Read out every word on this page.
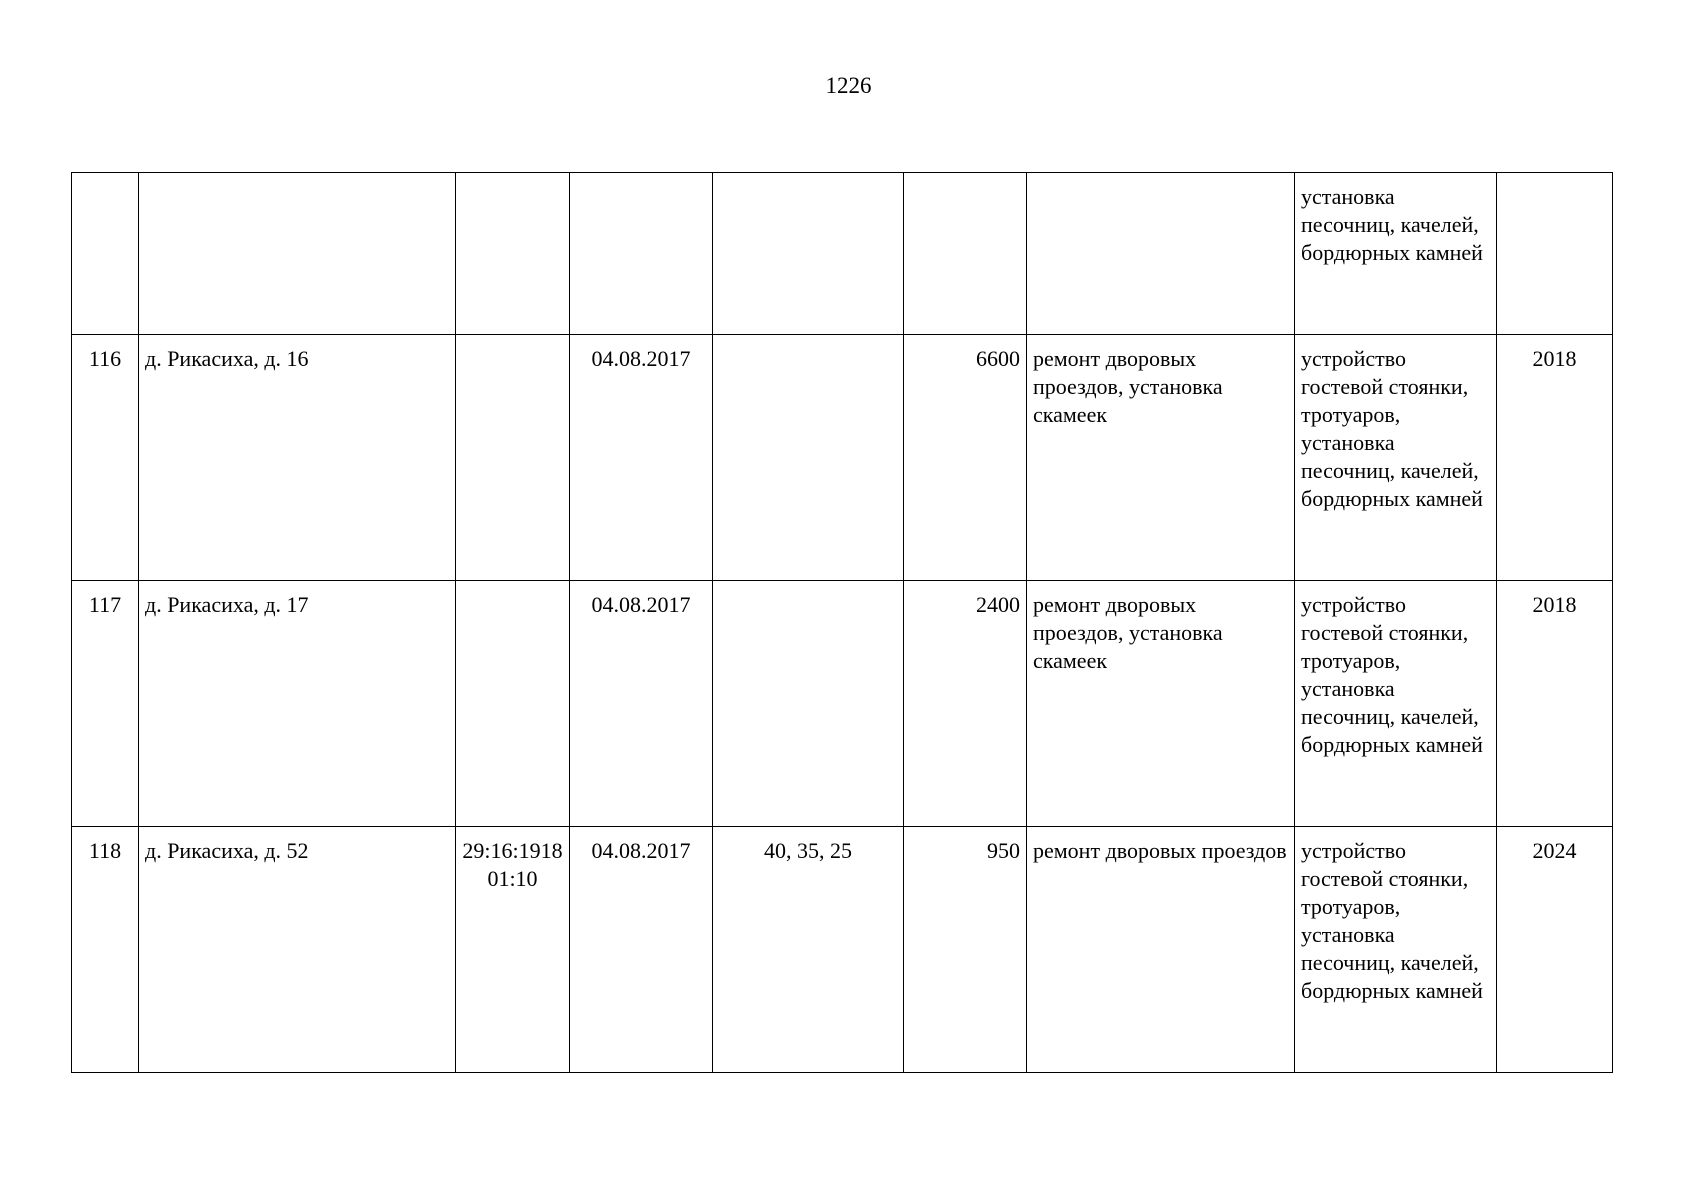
1226
							установка песочниц, качелей, бордюрных камней	
116	д. Рикасиха, д. 16		04.08.2017		6600	ремонт дворовых проездов, установка скамеек	устройство гостевой стоянки, тротуаров, установка песочниц, качелей, бордюрных камней	2018
117	д. Рикасиха, д. 17		04.08.2017		2400	ремонт дворовых проездов, установка скамеек	устройство гостевой стоянки, тротуаров, установка песочниц, качелей, бордюрных камней	2018
118	д. Рикасиха, д. 52	29:16:191801:10	04.08.2017	40, 35, 25	950	ремонт дворовых проездов	устройство гостевой стоянки, тротуаров, установка песочниц, качелей, бордюрных камней	2024
